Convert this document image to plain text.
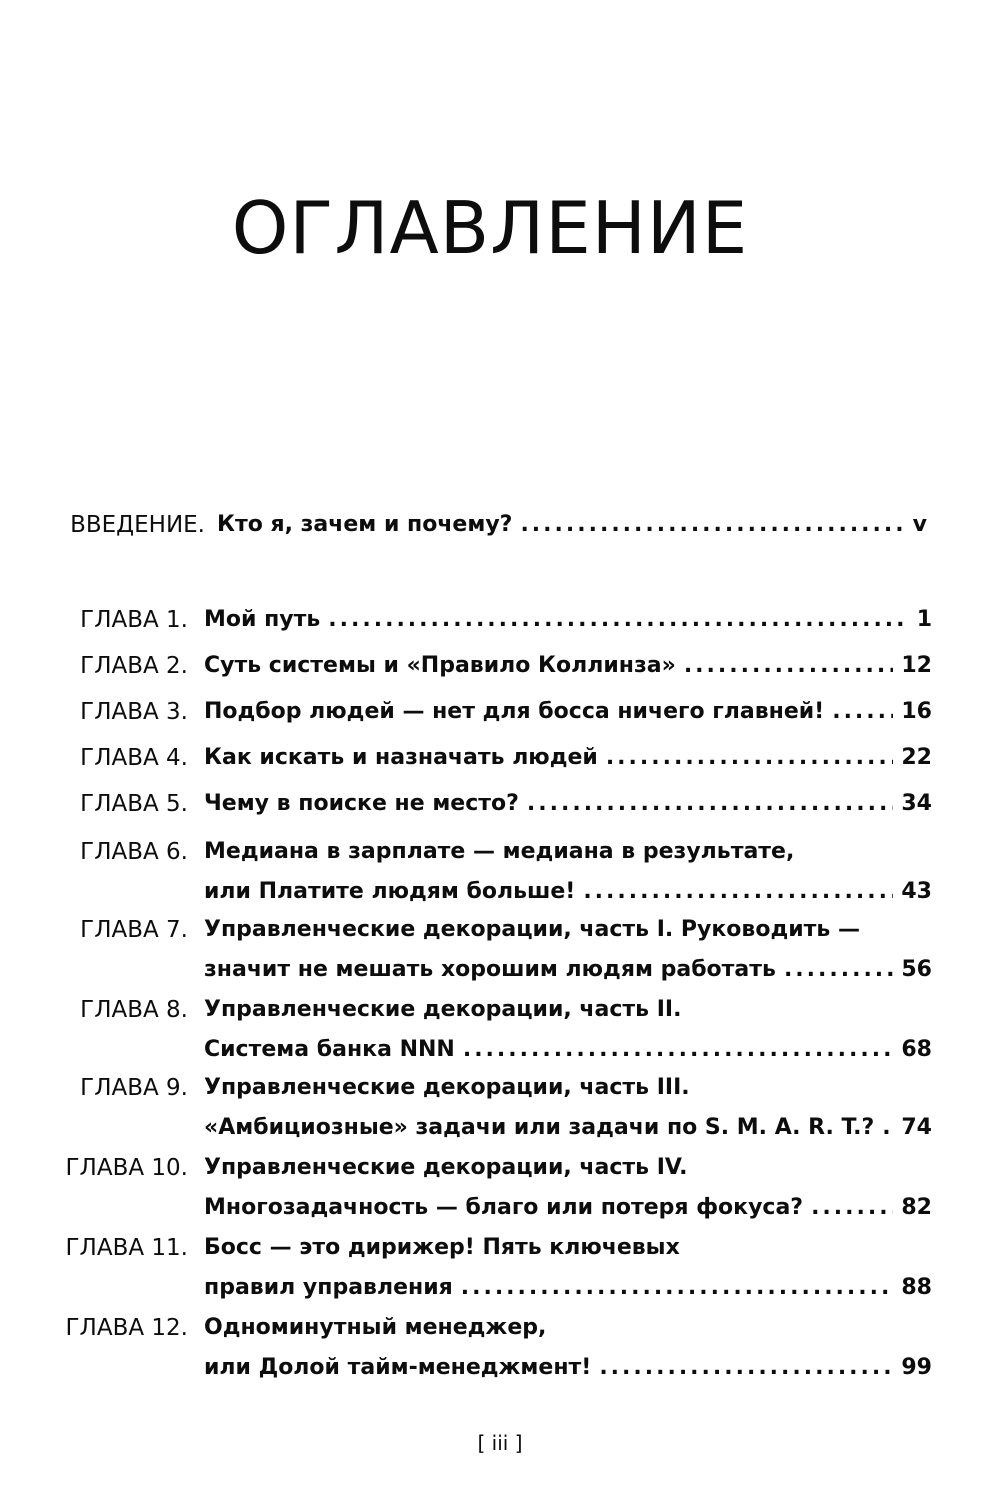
ОГЛАВЛЕНИЕ
ВВЕДЕНИЕ. Кто я, зачем и почему? .....	v
ГЛАВА 1. Мой путь .....	1
ГЛАВА 2. Суть системы и «Правило Коллинза» .....	12
ГЛАВА 3. Подбор людей — нет для босса ничего главней! .....	16
ГЛАВА 4. Как искать и назначать людей .....	22
ГЛАВА 5. Чему в поиске не место? .....	34
ГЛАВА 6. Медиана в зарплате — медиана в результате,
или Платите людям больше! .....	43
ГЛАВА 7. Управленческие декорации, часть I. Руководить —
значит не мешать хорошим людям работать .....	56
ГЛАВА 8. Управленческие декорации, часть II.
Система банка NNN .....	68
ГЛАВА 9. Управленческие декорации, часть III.
«Амбициозные» задачи или задачи по S. M. A. R. T.? ..... 74
ГЛАВА 10. Управленческие декорации, часть IV.
Многозадачность — благо или потеря фокуса? .....	82
ГЛАВА 11. Босс — это дирижер! Пять ключевых
правил управления .....	88
ГЛАВА 12. Одноминутный менеджер,
или Долой тайм-менеджмент! .....	99
[ iii ]
